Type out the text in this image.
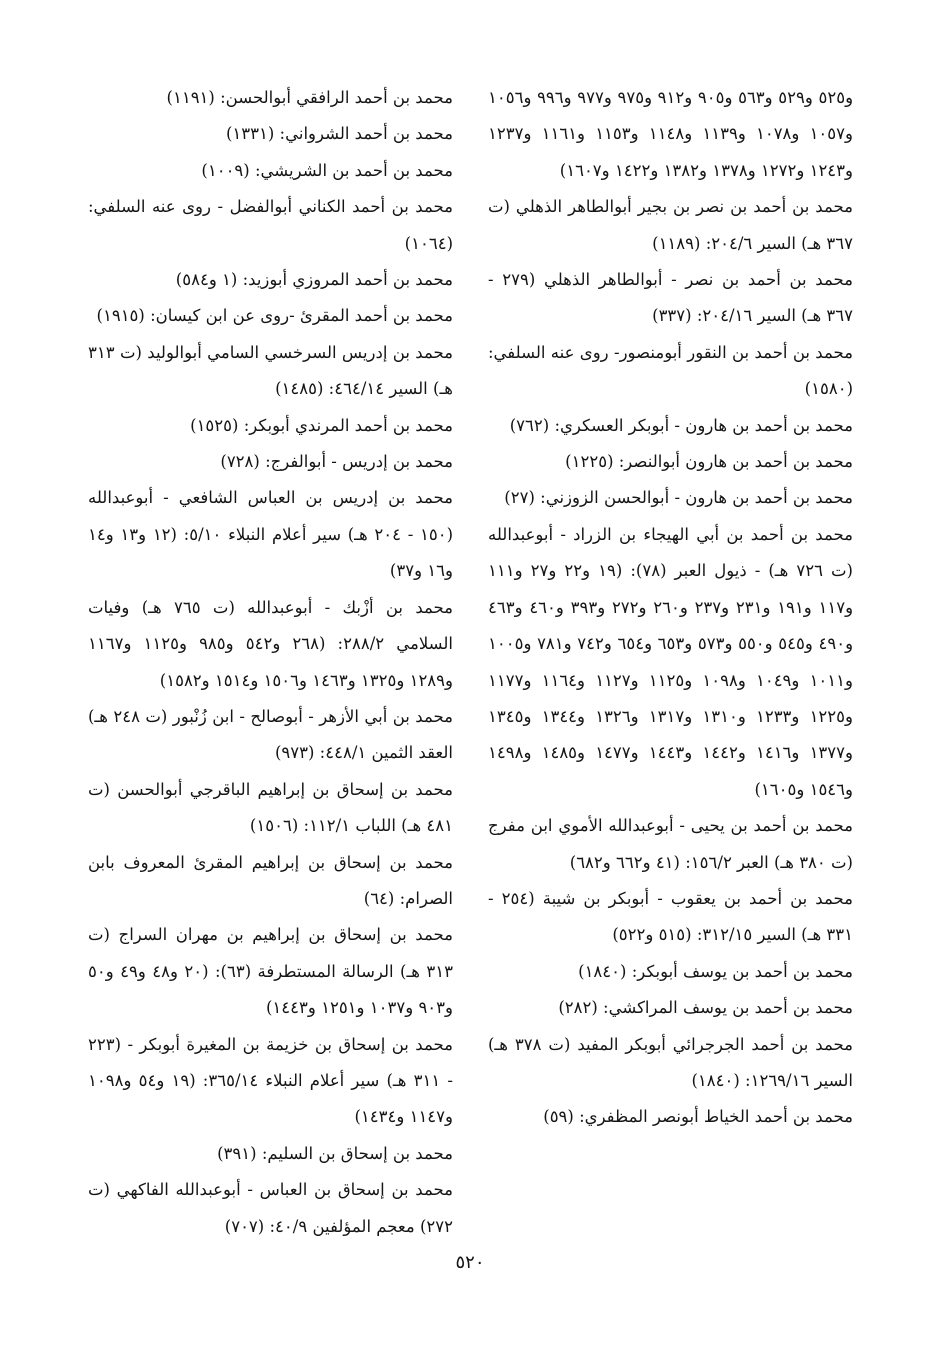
و٥٢٥ و٥٢٩ و٥٦٣ و٩٠٥ و٩١٢ و٩٧٥ و٩٧٧ و٩٩٦ و١٠٥٦ و١٠٥٧ و١٠٧٨ و١١٣٩ و١١٤٨ و١١٥٣ و١١٦١ و١٢٣٧ و١٢٤٣ و١٢٧٢ و١٣٧٨ و١٣٨٢ و١٤٢٢ و١٦٠٧)

محمد بن أحمد بن نصر بن بجير أبوالطاهر الذهلي (ت ٣٦٧ هـ) السير ٢٠٤/٦: (١١٨٩)

محمد بن أحمد بن نصر - أبوالطاهر الذهلي (٢٧٩ - ٣٦٧ هـ) السير ٢٠٤/١٦: (٣٣٧)

محمد بن أحمد بن النقور أبومنصور- روى عنه السلفي: (١٥٨٠)

محمد بن أحمد بن هارون - أبوبكر العسكري: (٧٦٢)

محمد بن أحمد بن هارون أبوالنصر: (١٢٢٥)

محمد بن أحمد بن هارون - أبوالحسن الزوزني: (٢٧)

محمد بن أحمد بن أبي الهيجاء بن الزراد - أبوعبدالله (ت ٧٢٦ هـ) - ذيول العبر (٧٨): (١٩ و٢٢ و٢٧ و١١١ و١١٧ و١٩١ و٢٣١ و٢٣٧ و٢٦٠ و٢٧٢ و٣٩٣ و٤٦٠ و٤٦٣ و٤٩٠ و٥٤٥ و٥٥٠ و٥٧٣ و٦٥٣ و٦٥٤ و٧٤٢ و٧٨١ و١٠٠٥ و١٠١١ و١٠٤٩ و١٠٩٨ و١١٢٥ و١١٢٧ و١١٦٤ و١١٧٧ و١٢٢٥ و١٢٣٣ و١٣١٠ و١٣١٧ و١٣٢٦ و١٣٤٤ و١٣٤٥ و١٣٧٧ و١٤١٦ و١٤٤٢ و١٤٤٣ و١٤٧٧ و١٤٨٥ و١٤٩٨ و١٥٤٦ و١٦٠٥)

محمد بن أحمد بن يحيى - أبوعبدالله الأموي ابن مفرج (ت ٣٨٠ هـ) العبر ١٥٦/٢: (٤١ و٦٦٢ و٦٨٢)

محمد بن أحمد بن يعقوب - أبوبكر بن شيبة (٢٥٤ - ٣٣١ هـ) السير ٣١٢/١٥: (٥١٥ و٥٢٢)

محمد بن أحمد بن يوسف أبوبكر: (١٨٤٠)

محمد بن أحمد بن يوسف المراكشي: (٢٨٢)

محمد بن أحمد الجرجرائي أبوبكر المفيد (ت ٣٧٨ هـ) السير ١٢٦٩/١٦: (١٨٤٠)

محمد بن أحمد الخياط أبونصر المظفري: (٥٩)

محمد بن أحمد الرافقي أبوالحسن: (١١٩١)

محمد بن أحمد الشرواني: (١٣٣١)

محمد بن أحمد بن الشريشي: (١٠٠٩)

محمد بن أحمد الكناني أبوالفضل - روى عنه السلفي: (١٠٦٤)

محمد بن أحمد المروزي أبوزيد: (١ و٥٨٤)

محمد بن أحمد المقرئ -روى عن ابن كيسان: (١٩١٥)

محمد بن إدريس السرخسي السامي أبوالوليد (ت ٣١٣ هـ) السير ٤٦٤/١٤: (١٤٨٥)

محمد بن أحمد المرندي أبوبكر: (١٥٢٥)

محمد بن إدريس - أبوالفرج: (٧٢٨)

محمد بن إدريس بن العباس الشافعي - أبوعبدالله (١٥٠ - ٢٠٤ هـ) سير أعلام النبلاء ٥/١٠: (١٢ و١٣ و١٤ و١٦ و٣٧)

محمد بن أزْبك - أبوعبدالله (ت ٧٦٥ هـ) وفيات السلامي ٢٨٨/٢: (٢٦٨ و٥٤٢ و٩٨٥ و١١٢٥ و١١٦٧ و١٢٨٩ و١٣٢٥ و١٤٦٣ و١٥٠٦ و١٥١٤ و١٥٨٢)

محمد بن أبي الأزهر - أبوصالح - ابن زُنْبور (ت ٢٤٨ هـ) العقد الثمين ٤٤٨/١: (٩٧٣)

محمد بن إسحاق بن إبراهيم الباقرجي أبوالحسن (ت ٤٨١ هـ) اللباب ١١٢/١: (١٥٠٦)

محمد بن إسحاق بن إبراهيم المقرئ المعروف بابن الصرام: (٦٤)

محمد بن إسحاق بن إبراهيم بن مهران السراج (ت ٣١٣ هـ) الرسالة المستطرفة (٦٣): (٢٠ و٤٨ و٤٩ و٥٠ و٩٠٣ و١٠٣٧ و١٢٥١ و١٤٤٣)

محمد بن إسحاق بن خزيمة بن المغيرة أبوبكر - (٢٢٣ - ٣١١ هـ) سير أعلام النبلاء ٣٦٥/١٤: (١٩ و٥٤ و١٠٩٨ و١١٤٧ و١٤٣٤)

محمد بن إسحاق بن السليم: (٣٩١)

محمد بن إسحاق بن العباس - أبوعبدالله الفاكهي (ت ٢٧٢) معجم المؤلفين ٤٠/٩: (٧٠٧)

٥٢٠
